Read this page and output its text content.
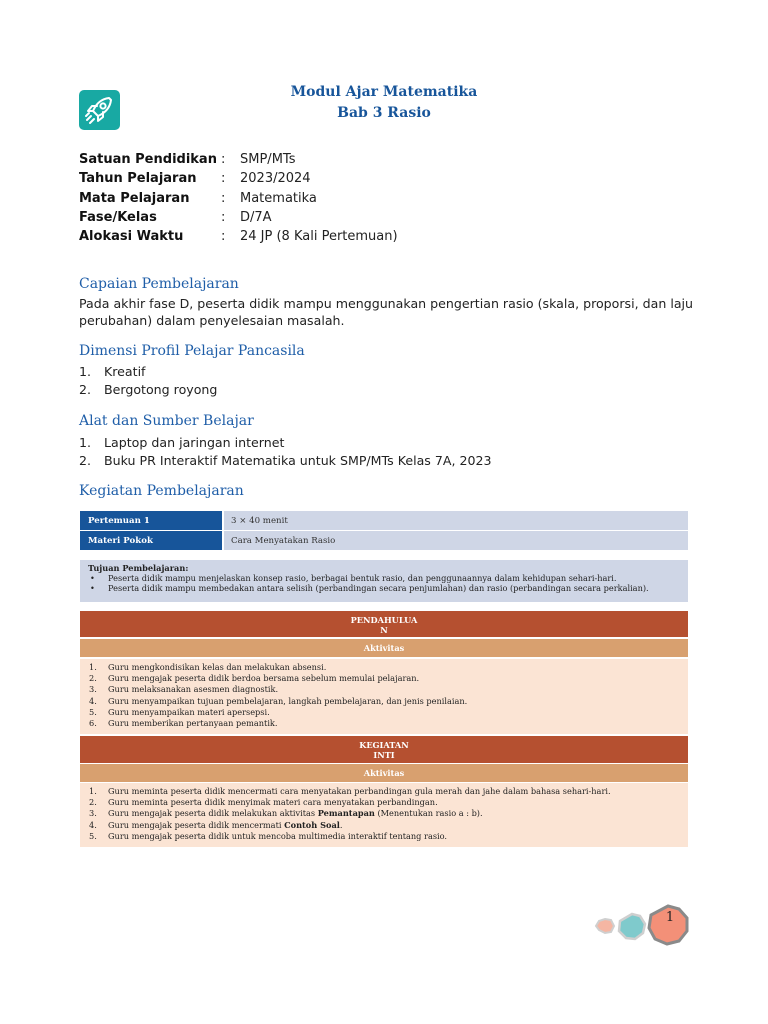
Modul Ajar Matematika
Bab 3 Rasio
Satuan Pendidikan :	SMP/MTs
Tahun Pelajaran	:	2023/2024
Mata Pelajaran	:	Matematika
Fase/Kelas	:	D/7A
Alokasi Waktu	:	24 JP (8 Kali Pertemuan)
Capaian Pembelajaran
Pada akhir fase D, peserta didik mampu menggunakan pengertian rasio (skala, proporsi, dan laju perubahan) dalam penyelesaian masalah.
Dimensi Profil Pelajar Pancasila
1.	Kreatif
2.	Bergotong royong
Alat dan Sumber Belajar
1.	Laptop dan jaringan internet
2.	Buku PR Interaktif Matematika untuk SMP/MTs Kelas 7A, 2023
Kegiatan Pembelajaran
Pertemuan 1	3 × 40 menit
Materi Pokok	Cara Menyatakan Rasio
Tujuan Pembelajaran:
•	Peserta didik mampu menjelaskan konsep rasio, berbagai bentuk rasio, dan penggunaannya dalam kehidupan sehari-hari.
•	Peserta didik mampu membedakan antara selisih (perbandingan secara penjumlahan) dan rasio (perbandingan secara perkalian).
PENDAHULUA
N
Aktivitas
1.	Guru mengkondisikan kelas dan melakukan absensi.
2.	Guru mengajak peserta didik berdoa bersama sebelum memulai pelajaran.
3.	Guru melaksanakan asesmen diagnostik.
4.	Guru menyampaikan tujuan pembelajaran, langkah pembelajaran, dan jenis penilaian.
5.	Guru menyampaikan materi apersepsi.
6.	Guru memberikan pertanyaan pemantik.
KEGIATAN
INTI
Aktivitas
1.	Guru meminta peserta didik mencermati cara menyatakan perbandingan gula merah dan jahe dalam bahasa sehari-hari.
2.	Guru meminta peserta didik menyimak materi cara menyatakan perbandingan.
3.	Guru mengajak peserta didik melakukan aktivitas Pemantapan (Menentukan rasio a : b).
4.	Guru mengajak peserta didik mencermati Contoh Soal.
5.	Guru mengajak peserta didik untuk mencoba multimedia interaktif tentang rasio.
1
